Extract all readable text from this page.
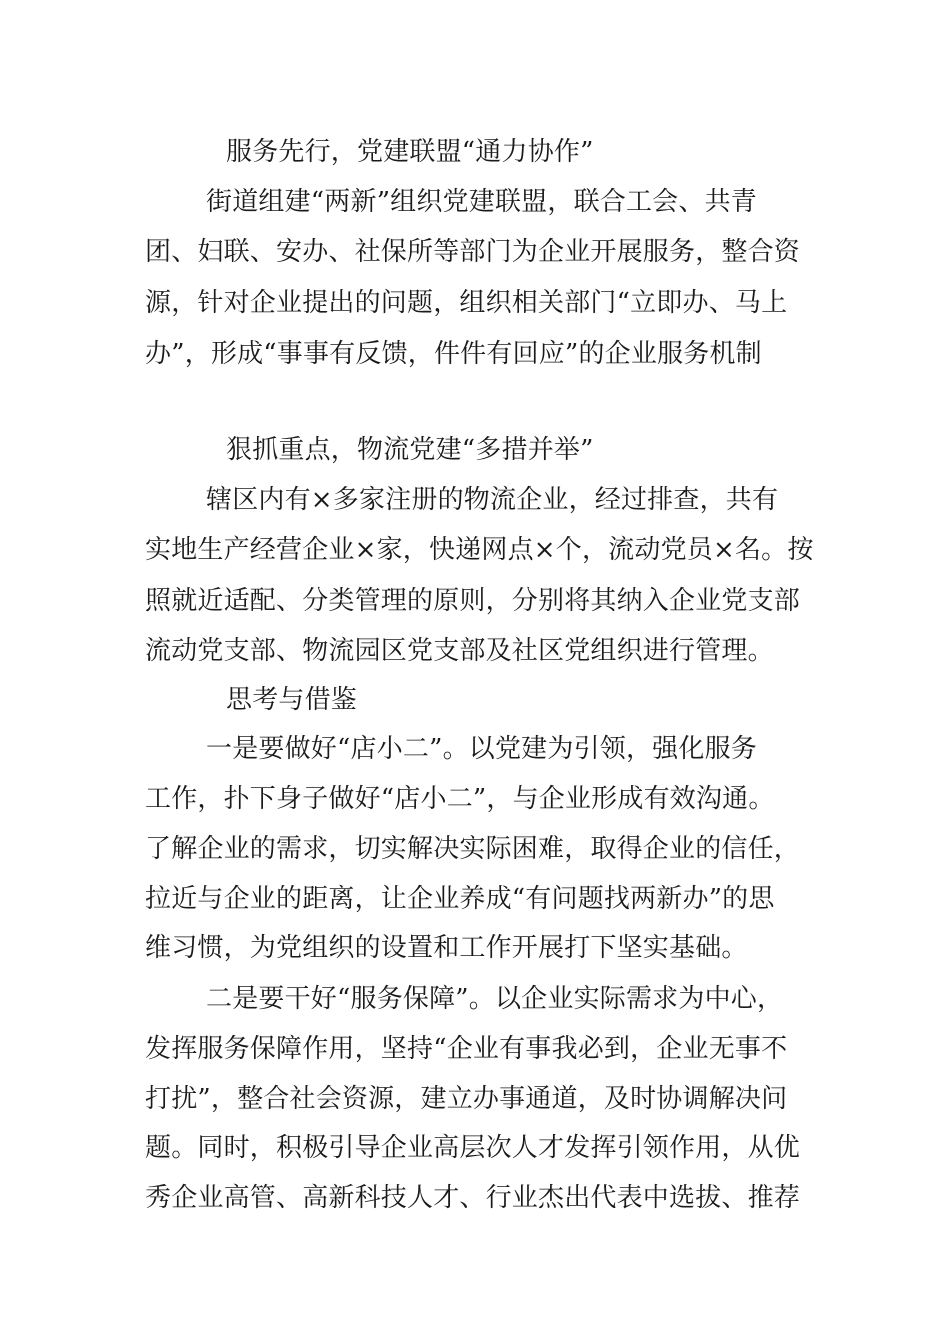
服务先行，党建联盟“通力协作”
街道组建“两新”组织党建联盟，联合工会、共青
团、妇联、安办、社保所等部门为企业开展服务，整合资
源，针对企业提出的问题，组织相关部门“立即办、马上
办”，形成“事事有反馈，件件有回应”的企业服务机制
狠抓重点，物流党建“多措并举”
辖区内有×多家注册的物流企业，经过排查，共有
实地生产经营企业×家，快递网点×个，流动党员×名。按
照就近适配、分类管理的原则，分别将其纳入企业党支部
流动党支部、物流园区党支部及社区党组织进行管理。
思考与借鉴
一是要做好“店小二”。以党建为引领，强化服务
工作，扑下身子做好“店小二”，与企业形成有效沟通。
了解企业的需求，切实解决实际困难，取得企业的信任，
拉近与企业的距离，让企业养成“有问题找两新办”的思
维习惯，为党组织的设置和工作开展打下坚实基础。
二是要干好“服务保障”。以企业实际需求为中心，
发挥服务保障作用，坚持“企业有事我必到，企业无事不
打扰”，整合社会资源，建立办事通道，及时协调解决问
题。同时，积极引导企业高层次人才发挥引领作用，从优
秀企业高管、高新科技人才、行业杰出代表中选拔、推荐
